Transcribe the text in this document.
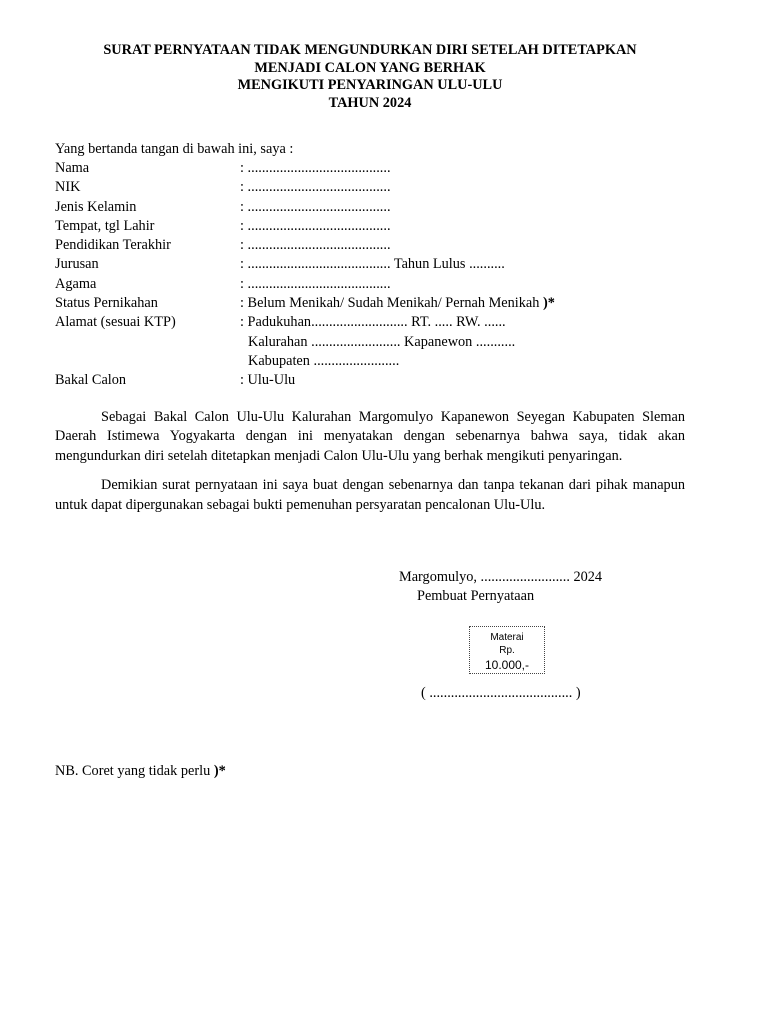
SURAT PERNYATAAN TIDAK MENGUNDURKAN DIRI SETELAH DITETAPKAN
MENJADI CALON YANG BERHAK
MENGIKUTI PENYARINGAN ULU-ULU
TAHUN 2024
Yang bertanda tangan di bawah ini, saya :
Nama	: ........................................
NIK	: ........................................
Jenis Kelamin	: ........................................
Tempat, tgl Lahir	: ........................................
Pendidikan Terakhir	: ........................................
Jurusan	: ........................................ Tahun Lulus ..........
Agama	: ........................................
Status Pernikahan	: Belum Menikah/ Sudah Menikah/ Pernah Menikah )*
Alamat (sesuai KTP)	: Padukuhan........................... RT. ..... RW. ......
Kalurahan ......................... Kapanewon ...........
Kabupaten ........................
Bakal Calon	: Ulu-Ulu

Sebagai Bakal Calon Ulu-Ulu Kalurahan Margomulyo Kapanewon Seyegan Kabupaten Sleman Daerah Istimewa Yogyakarta dengan ini menyatakan dengan sebenarnya bahwa saya, tidak akan mengundurkan diri setelah ditetapkan menjadi Calon Ulu-Ulu yang berhak mengikuti penyaringan.

Demikian surat pernyataan ini saya buat dengan sebenarnya dan tanpa tekanan dari pihak manapun untuk dapat dipergunakan sebagai bukti pemenuhan persyaratan pencalonan Ulu-Ulu.

Margomulyo, ......................... 2024
Pembuat Pernyataan
Materai
Rp.
10.000,-
( ........................................ )
NB. Coret yang tidak perlu )*
